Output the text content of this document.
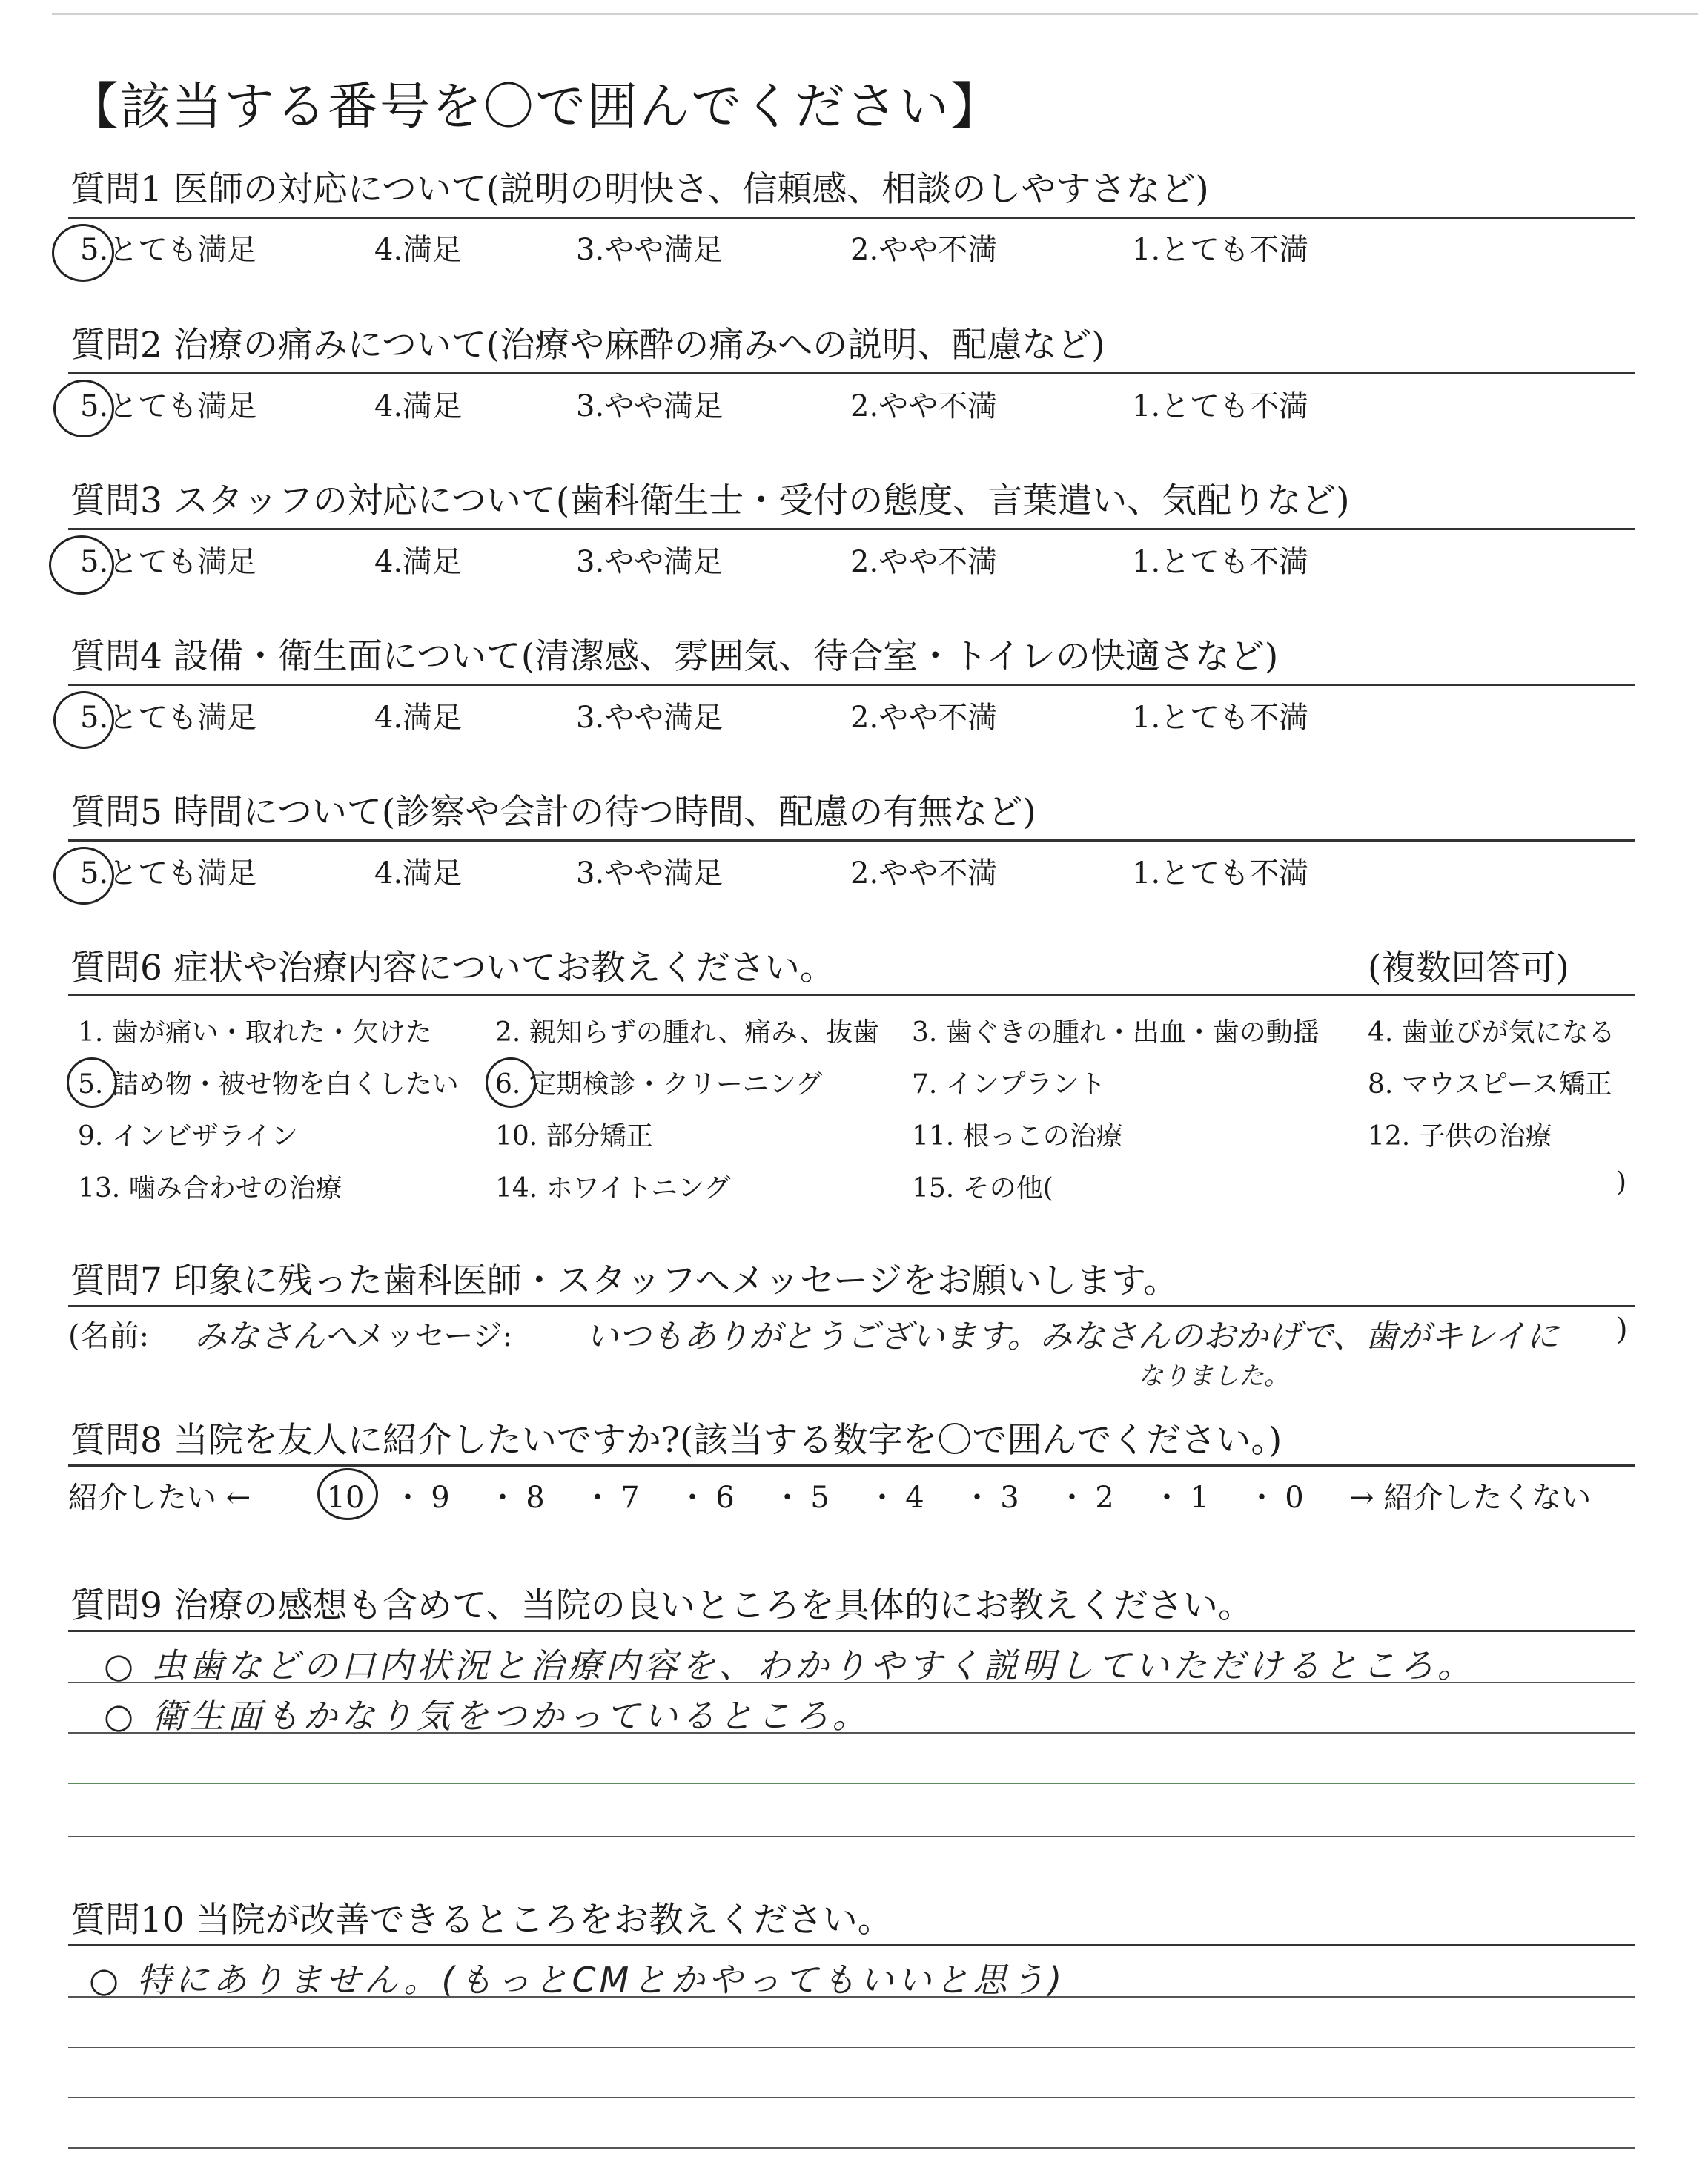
【該当する番号を〇で囲んでください】
質問1 医師の対応について(説明の明快さ、信頼感、相談のしやすさなど)
5.とても満足	4.満足	3.やや満足	2.やや不満	1.とても不満
質問2 治療の痛みについて(治療や麻酔の痛みへの説明、配慮など)
5.とても満足	4.満足	3.やや満足	2.やや不満	1.とても不満
質問3 スタッフの対応について(歯科衛生士・受付の態度、言葉遣い、気配りなど)
5.とても満足	4.満足	3.やや満足	2.やや不満	1.とても不満
質問4 設備・衛生面について(清潔感、雰囲気、待合室・トイレの快適さなど)
5.とても満足	4.満足	3.やや満足	2.やや不満	1.とても不満
質問5 時間について(診察や会計の待つ時間、配慮の有無など)
5.とても満足	4.満足	3.やや満足	2.やや不満	1.とても不満
質問6 症状や治療内容についてお教えください。	(複数回答可)
1. 歯が痛い・取れた・欠けた 2. 親知らずの腫れ、痛み、抜歯 3. 歯ぐきの腫れ・出血・歯の動揺 4. 歯並びが気になる
5. 詰め物・被せ物を白くしたい 6. 定期検診・クリーニング	7. インプラント	8. マウスピース矯正
9. インビザライン	10. 部分矯正	11. 根っこの治療	12. 子供の治療
13. 噛み合わせの治療	14. ホワイトニング	15. その他(	)
質問7 印象に残った歯科医師・スタッフへメッセージをお願いします。
(名前: みなさんへ
メッセージ: いつもありがとうございます。みなさんのおかげで、歯がキレイに
なりました。
)
質問8 当院を友人に紹介したいですか?(該当する数字を〇で囲んでください。)
紹介したい ←	10 ・ 9 ・ 8 ・ 7 ・ 6 ・ 5 ・ 4 ・ 3 ・ 2 ・ 1 ・ 0	→ 紹介したくない
質問9 治療の感想も含めて、当院の良いところを具体的にお教えください。
○ 虫歯などの口内状況と治療内容を、わかりやすく説明していただけるところ。
○ 衛生面もかなり気をつかっているところ。
質問10 当院が改善できるところをお教えください。
○ 特にありません。(もっとCMとかやってもいいと思う)
